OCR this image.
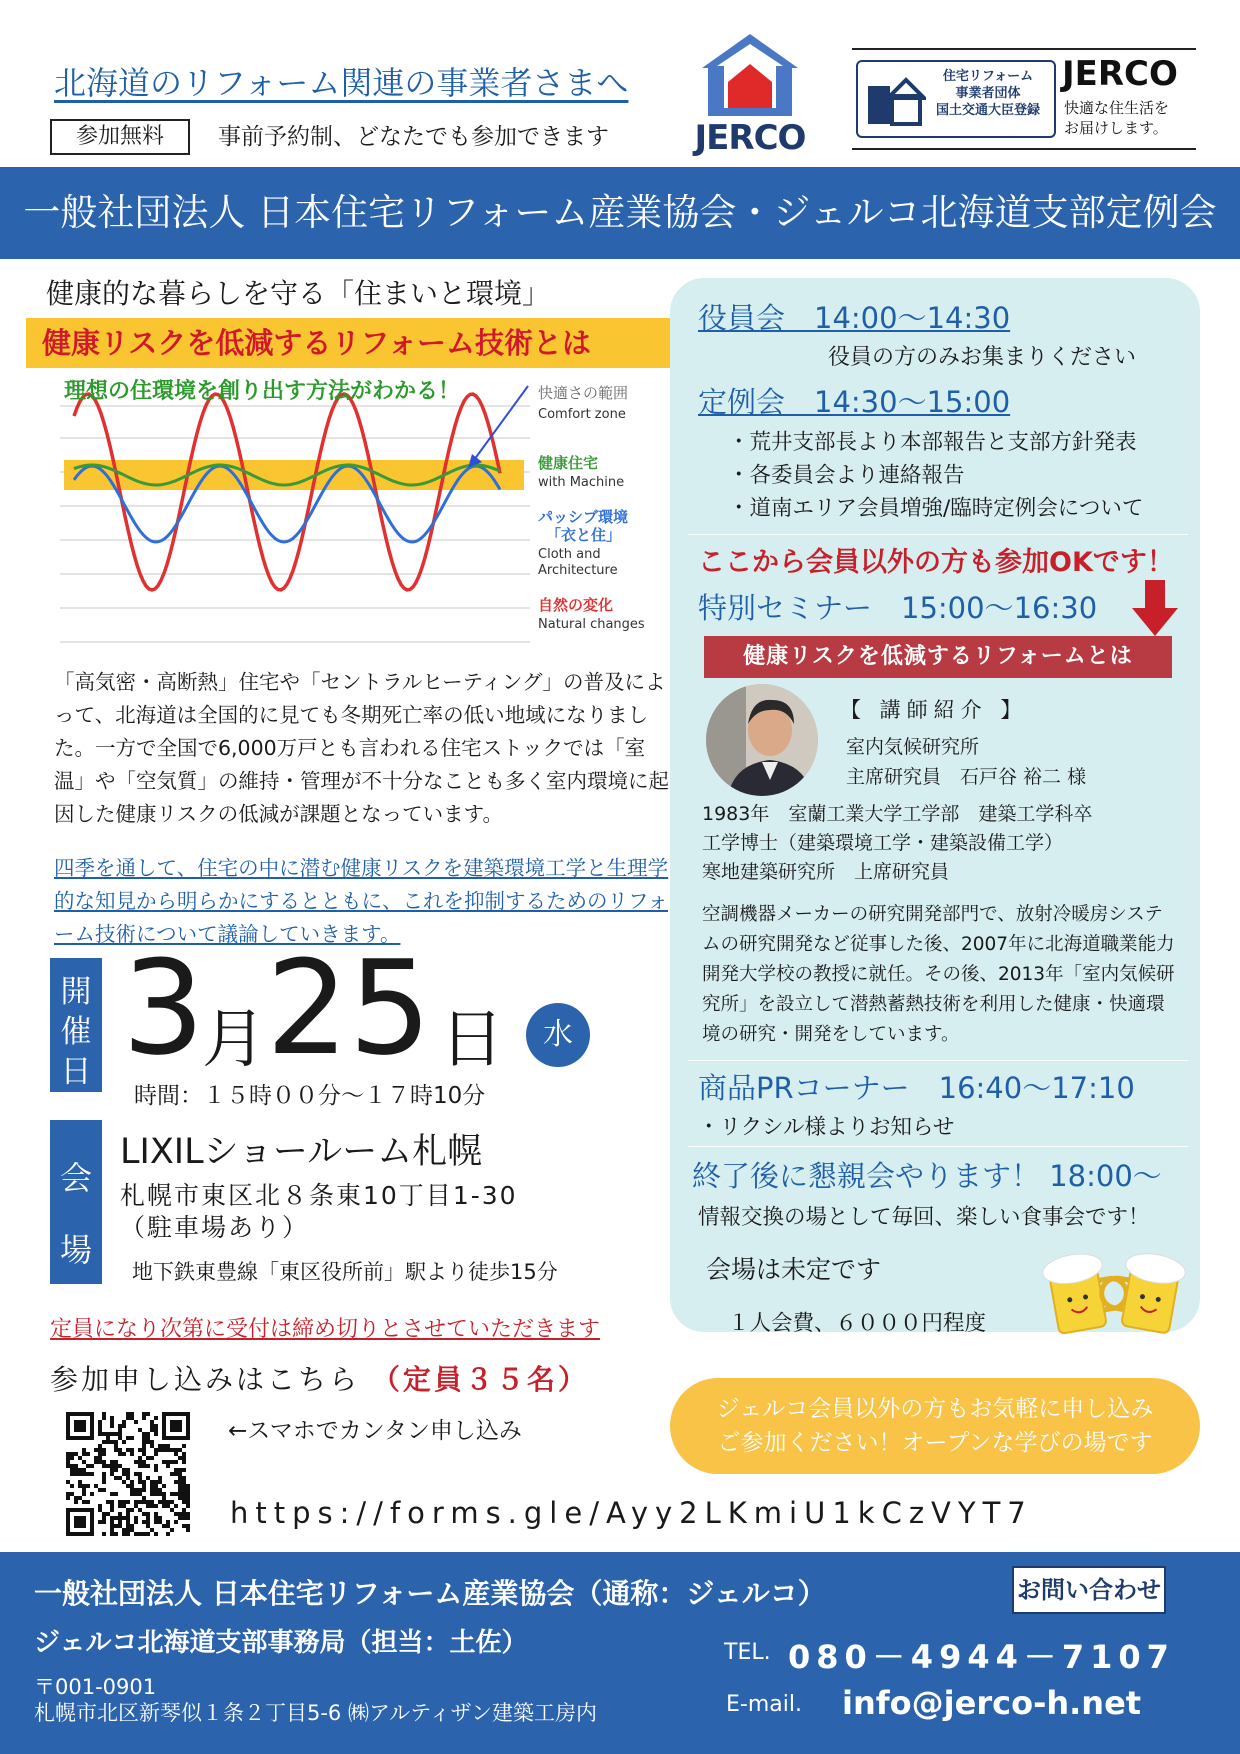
北海道のリフォーム関連の事業者さまへ
参加無料	事前予約制、どなたでも参加できます	JERCO
住宅リフォーム
事業者団体
国土交通大臣登録
JERCO
快適な住生活を
お届けします。
一般社団法人 日本住宅リフォーム産業協会・ジェルコ北海道支部定例会
健康的な暮らしを守る「住まいと環境」
健康リスクを低減するリフォーム技術とは
快適さの範囲
Comfort zone
健康住宅
with Machine
パッシブ環境
「衣と住」
Cloth and
Architecture
自然の変化
Natural changes
理想の住環境を創り出す方法がわかる！
「高気密・高断熱」住宅や「セントラルヒーティング」の普及によって、北海道は全国的に見ても冬期死亡率の低い地域になりました。一方で全国で6,000万戸とも言われる住宅ストックでは「室温」や「空気質」の維持・管理が不十分なことも多く室内環境に起因した健康リスクの低減が課題となっています。
四季を通して、住宅の中に潜む健康リスクを建築環境工学と生理学的な知見から明らかにするとともに、これを抑制するためのリフォーム技術について議論していきます。
開催日 3
月 25 日	水
時間：１５時００分～１７時10分
会場
LIXILショールーム札幌
札幌市東区北８条東10丁目1-30
（駐車場あり）
地下鉄東豊線「東区役所前」駅より徒歩15分
定員になり次第に受付は締め切りとさせていただきます
参加申し込みはこちら （定員３５名）
←スマホでカンタン申し込み
https://forms.gle/Ayy2LKmiU1kCzVYT7
役員会　14:00～14:30
役員の方のみお集まりください
定例会　14:30～15:00
・荒井支部長より本部報告と支部方針発表
・各委員会より連絡報告
・道南エリア会員増強/臨時定例会について
ここから会員以外の方も参加OKです！
特別セミナー　15:00～16:30
健康リスクを低減するリフォームとは
【 講師紹介 】
室内気候研究所
主席研究員　石戸谷 裕二 様
1983年　室蘭工業大学工学部　建築工学科卒
工学博士（建築環境工学・建築設備工学）
寒地建築研究所　上席研究員
空調機器メーカーの研究開発部門で、放射冷暖房システムの研究開発など従事した後、2007年に北海道職業能力開発大学校の教授に就任。その後、2013年「室内気候研究所」を設立して潜熱蓄熱技術を利用した健康・快適環境の研究・開発をしています。
商品PRコーナー　16:40～17:10
・リクシル様よりお知らせ
終了後に懇親会やります！ 18:00～
情報交換の場として毎回、楽しい食事会です！
会場は未定です
１人会費、６０００円程度
ジェルコ会員以外の方もお気軽に申し込み
ご参加ください！オープンな学びの場です
一般社団法人 日本住宅リフォーム産業協会（通称：ジェルコ）
ジェルコ北海道支部事務局（担当：土佐）
〒001-0901
札幌市北区新琴似１条２丁目5-6 ㈱アルティザン建築工房内
お問い合わせ
TEL. 080－4944－7107
E-mail. info@jerco-h.net
